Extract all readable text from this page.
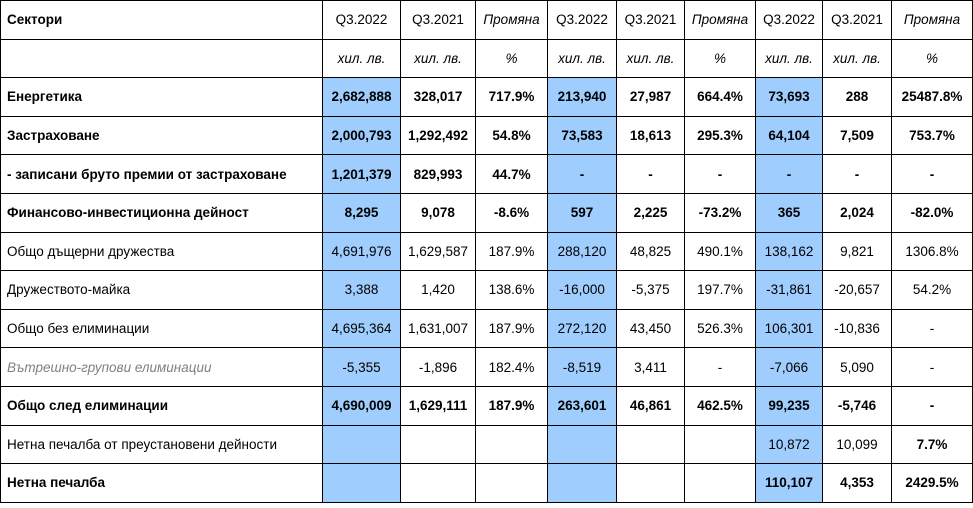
Сектори	Q3.2022	Q3.2021	Промяна	Q3.2022	Q3.2021	Промяна	Q3.2022	Q3.2021	Промяна
	хил. лв.	хил. лв.	%	хил. лв.	хил. лв.	%	хил. лв.	хил. лв.	%
Енергетика	2,682,888	328,017	717.9%	213,940	27,987	664.4%	73,693	288	25487.8%
Застраховане	2,000,793	1,292,492	54.8%	73,583	18,613	295.3%	64,104	7,509	753.7%
- записани бруто премии от застраховане	1,201,379	829,993	44.7%	-	-	-	-	-	-
Финансово-инвестиционна дейност	8,295	9,078	-8.6%	597	2,225	-73.2%	365	2,024	-82.0%
Общо дъщерни дружества	4,691,976	1,629,587	187.9%	288,120	48,825	490.1%	138,162	9,821	1306.8%
Дружеството-майка	3,388	1,420	138.6%	-16,000	-5,375	197.7%	-31,861	-20,657	54.2%
Общо без елиминации	4,695,364	1,631,007	187.9%	272,120	43,450	526.3%	106,301	-10,836	-
Вътрешно-групови елиминации	-5,355	-1,896	182.4%	-8,519	3,411	-	-7,066	5,090	-
Общо след елиминации	4,690,009	1,629,111	187.9%	263,601	46,861	462.5%	99,235	-5,746	-
Нетна печалба от преустановени дейности							10,872	10,099	7.7%
Нетна печалба							110,107	4,353	2429.5%
